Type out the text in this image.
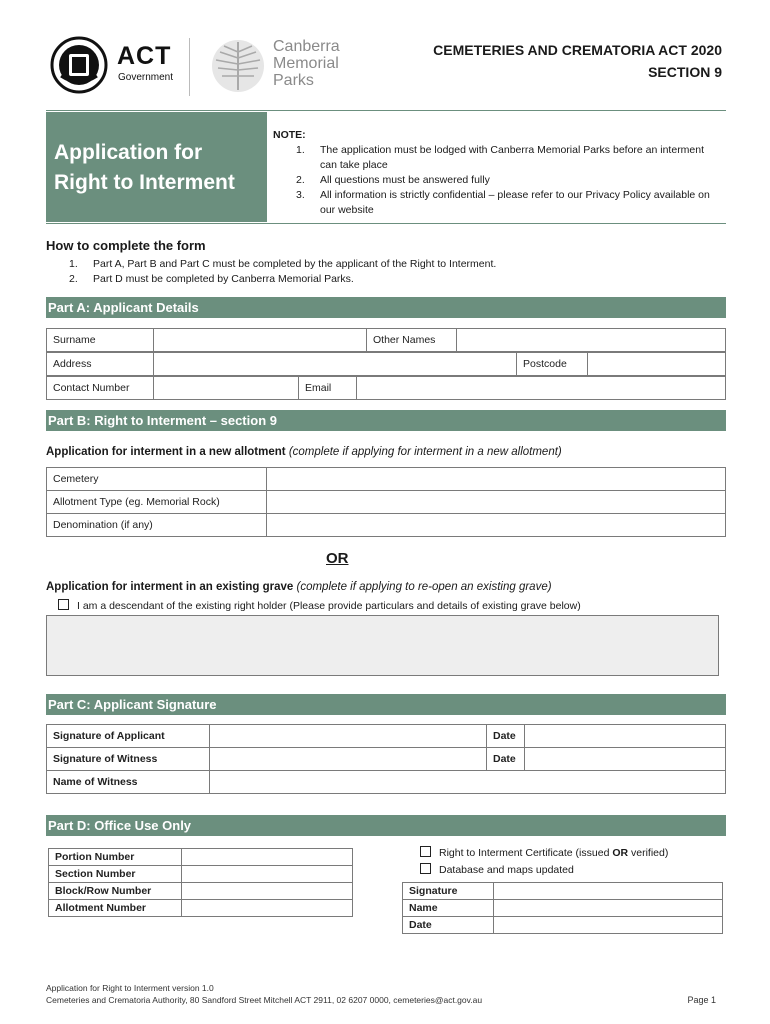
ACT
Government
Canberra
Memorial
Parks
CEMETERIES AND CREMATORIA ACT 2020
SECTION 9
Application for
Right to Interment
NOTE:
1. The application must be lodged with Canberra Memorial Parks before an interment can take place
2. All questions must be answered fully
3. All information is strictly confidential – please refer to our Privacy Policy available on our website
How to complete the form
1. Part A, Part B and Part C must be completed by the applicant of the Right to Interment.
2. Part D must be completed by Canberra Memorial Parks.
Part A: Applicant Details
Surname		Other Names	
Address		Postcode	
Contact Number		Email	
Part B: Right to Interment – section 9
Application for interment in a new allotment (complete if applying for interment in a new allotment)
Cemetery	
Allotment Type (eg. Memorial Rock)	
Denomination (if any)	
OR
Application for interment in an existing grave (complete if applying to re-open an existing grave)
I am a descendant of the existing right holder (Please provide particulars and details of existing grave below)
Part C: Applicant Signature
Signature of Applicant		Date	
Signature of Witness		Date	
Name of Witness			
Part D: Office Use Only
Portion Number	
Section Number	
Block/Row Number	
Allotment Number	
Right to Interment Certificate (issued OR verified)
Database and maps updated
Signature	
Name	
Date	
Application for Right to Interment version 1.0
Cemeteries and Crematoria Authority, 80 Sandford Street Mitchell ACT 2911, 02 6207 0000, cemeteries@act.gov.au	Page 1
